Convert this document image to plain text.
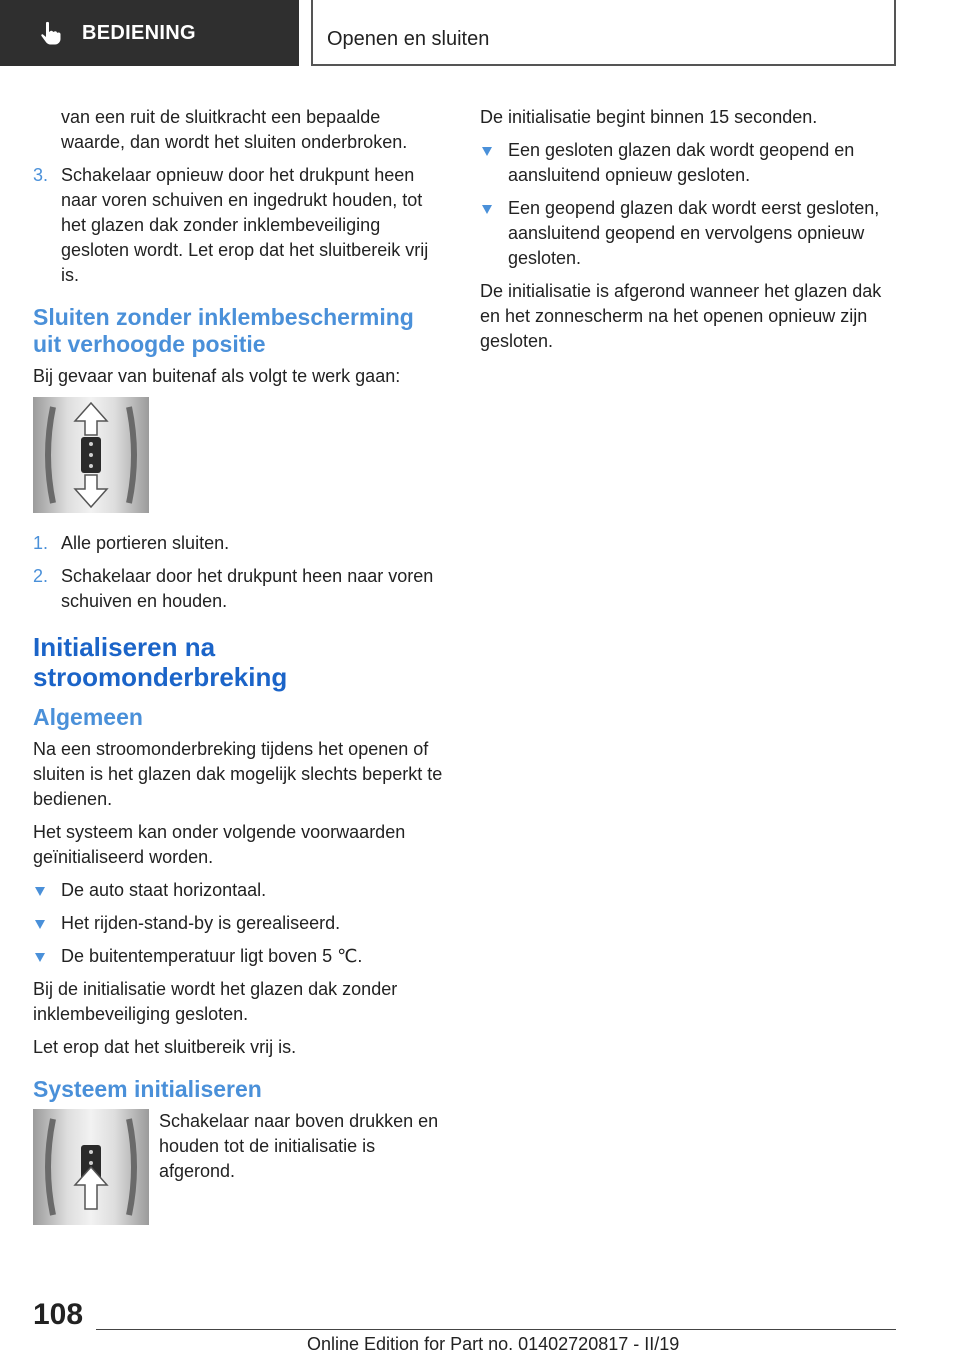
BEDIENING	Openen en sluiten

van een ruit de sluitkracht een bepaalde waarde, dan wordt het sluiten onderbroken.

3. Schakelaar opnieuw door het drukpunt heen naar voren schuiven en ingedrukt houden, tot het glazen dak zonder inklembeveiliging gesloten wordt. Let erop dat het sluitbereik vrij is.
Sluiten zonder inklembescherming uit verhoogde positie

Bij gevaar van buitenaf als volgt te werk gaan:

1. Alle portieren sluiten.
2. Schakelaar door het drukpunt heen naar voren schuiven en houden.
Initialiseren na stroomonderbreking
Algemeen

Na een stroomonderbreking tijdens het openen of sluiten is het glazen dak mogelijk slechts beperkt te bedienen.

Het systeem kan onder volgende voorwaarden geïnitialiseerd worden.

De auto staat horizontaal.
Het rijden-stand-by is gerealiseerd.
De buitentemperatuur ligt boven 5 ℃.

Bij de initialisatie wordt het glazen dak zonder inklembeveiliging gesloten.

Let erop dat het sluitbereik vrij is.

Systeem initialiseren

Schakelaar naar boven drukken en houden tot de initialisatie is afgerond.

De initialisatie begint binnen 15 seconden.

Een gesloten glazen dak wordt geopend en aansluitend opnieuw gesloten.
Een geopend glazen dak wordt eerst gesloten, aansluitend geopend en vervolgens opnieuw gesloten.

De initialisatie is afgerond wanneer het glazen dak en het zonnescherm na het openen opnieuw zijn gesloten.

108
Online Edition for Part no. 01402720817 - II/19
